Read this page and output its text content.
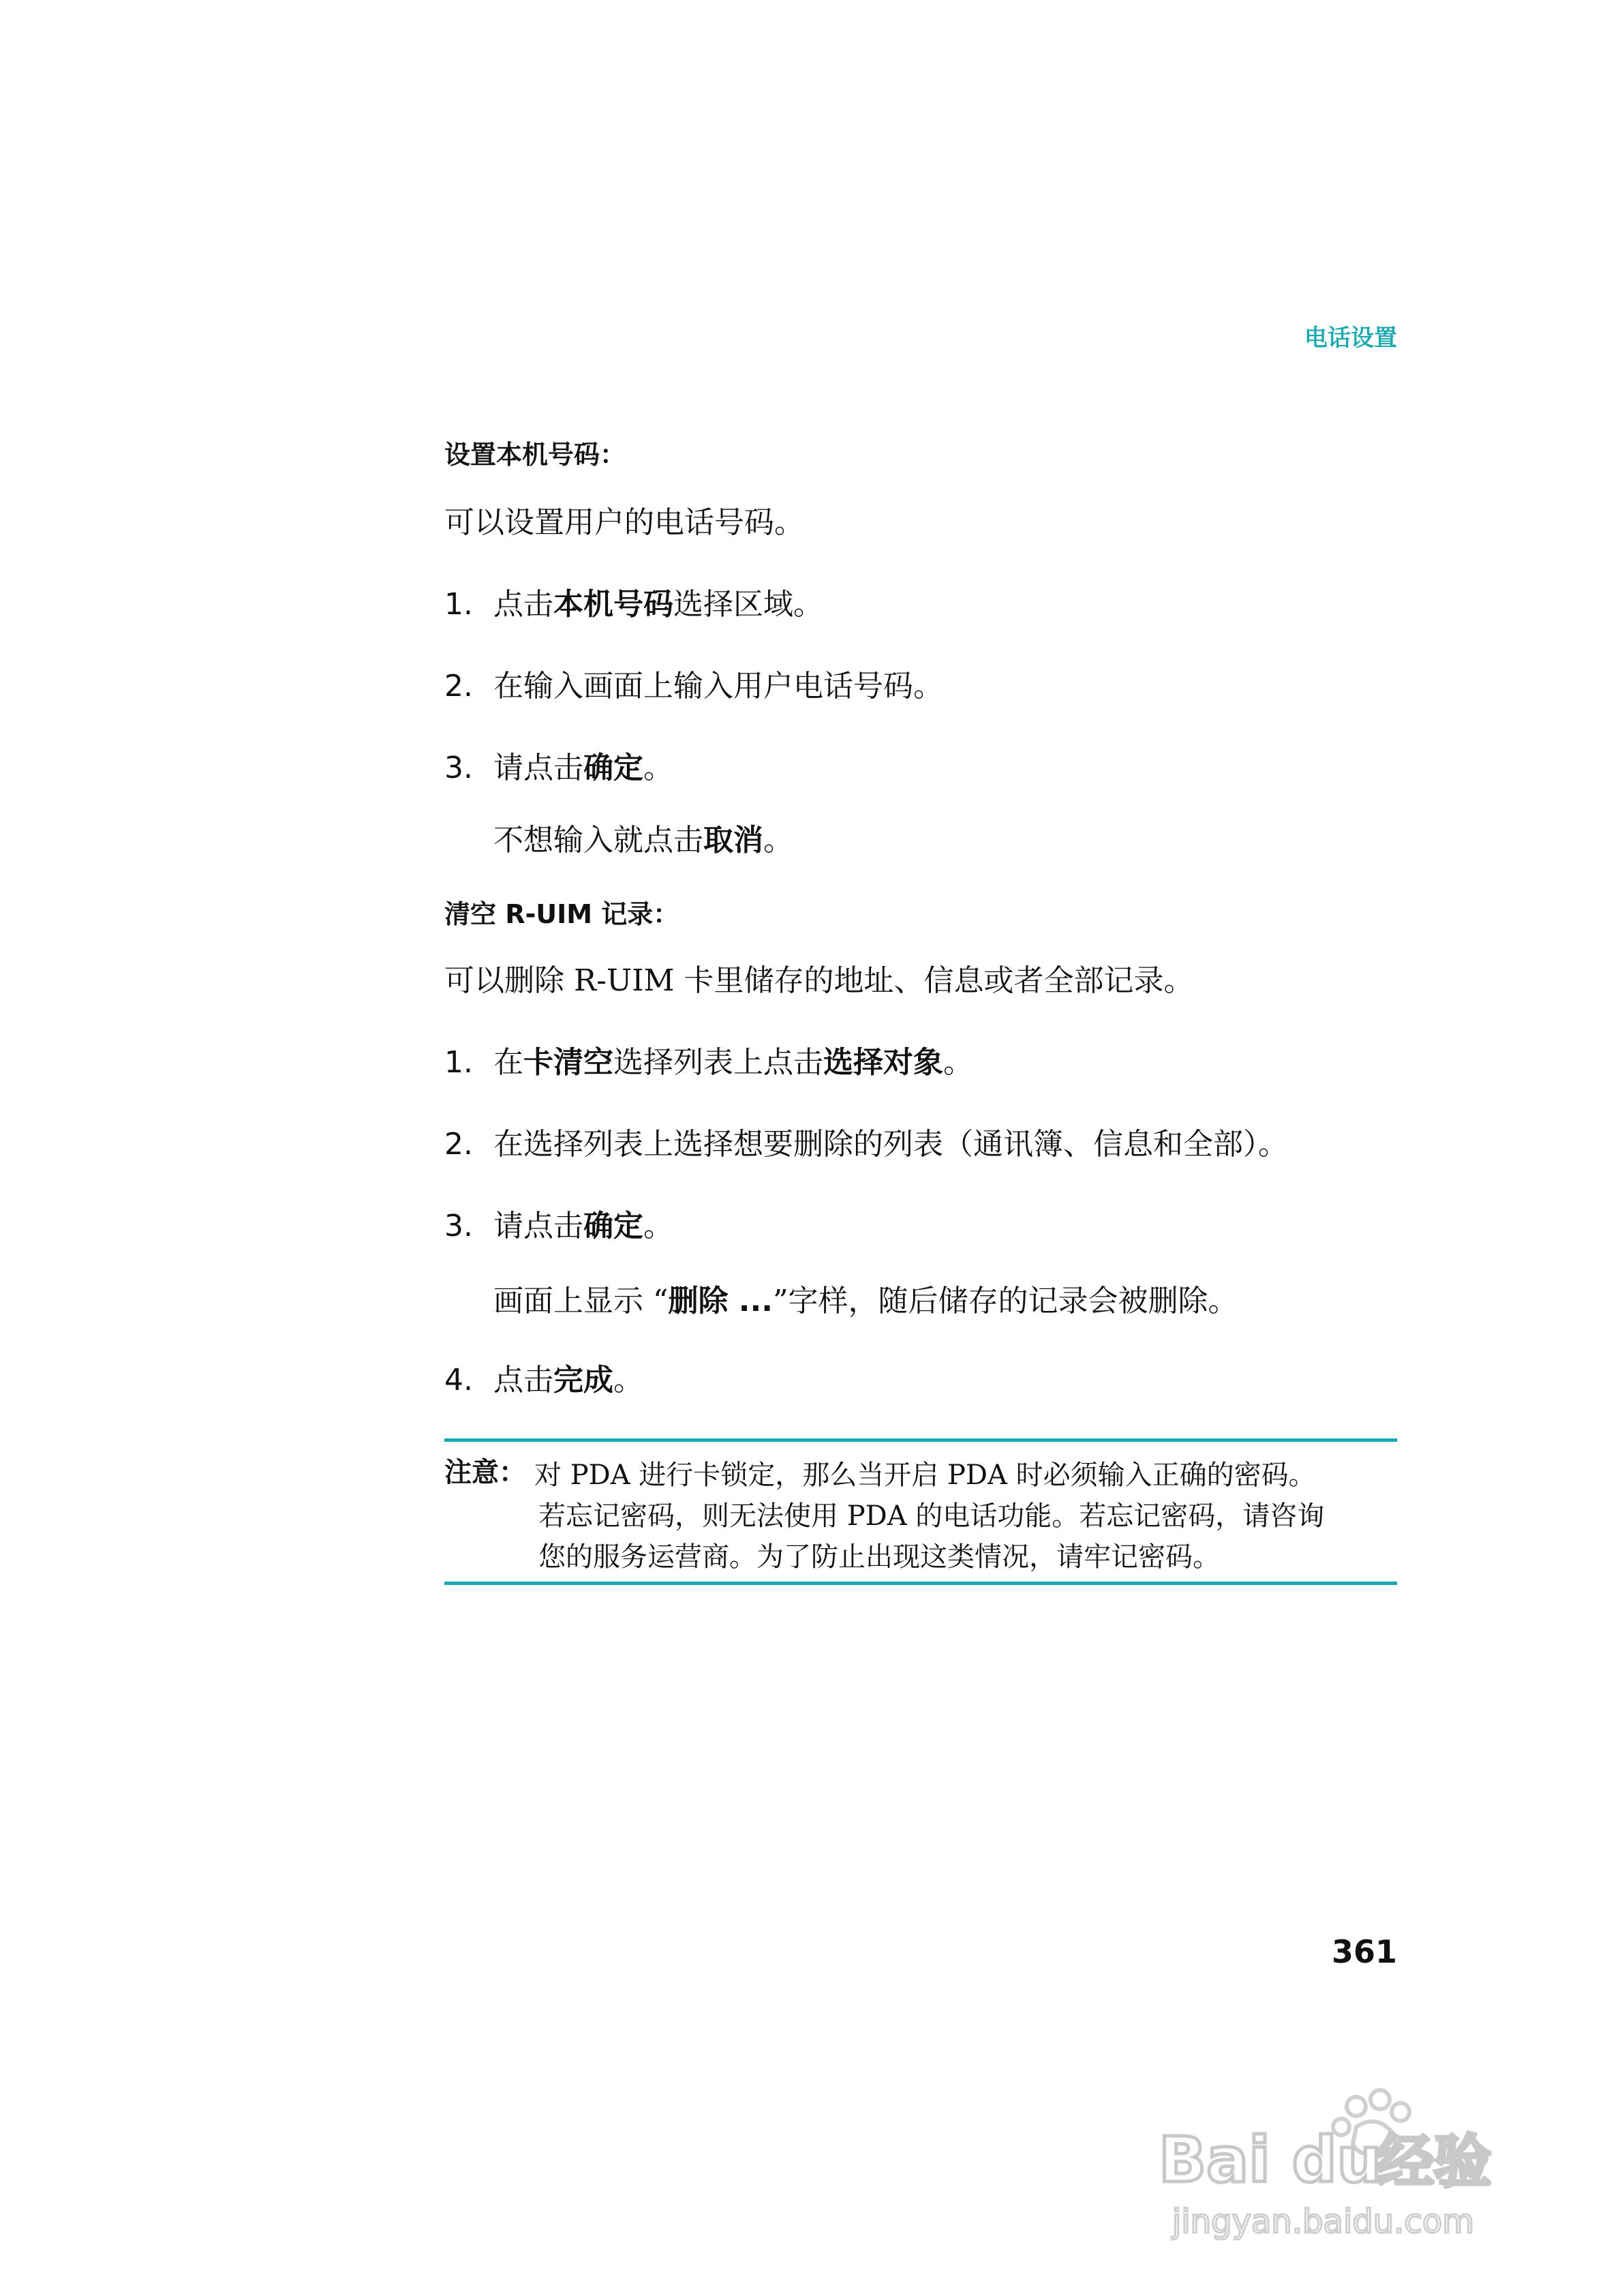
电话设置
设置本机号码：
可以设置用户的电话号码。
1. 点击本机号码选择区域。
2. 在输入画面上输入用户电话号码。
3. 请点击确定。
不想输入就点击取消。
清空 R-UIM 记录：
可以删除 R-UIM 卡里储存的地址、信息或者全部记录。
1. 在卡清空选择列表上点击选择对象。
2. 在选择列表上选择想要删除的列表（通讯簿、信息和全部）。
3. 请点击确定。
画面上显示 “删除 ...”字样，随后储存的记录会被删除。
4. 点击完成。
注意： 对 PDA 进行卡锁定，那么当开启 PDA 时必须输入正确的密码。
若忘记密码，则无法使用 PDA 的电话功能。若忘记密码，请咨询
您的服务运营商。为了防止出现这类情况，请牢记密码。
361
Bai du
经验
jingyan.baidu.com
